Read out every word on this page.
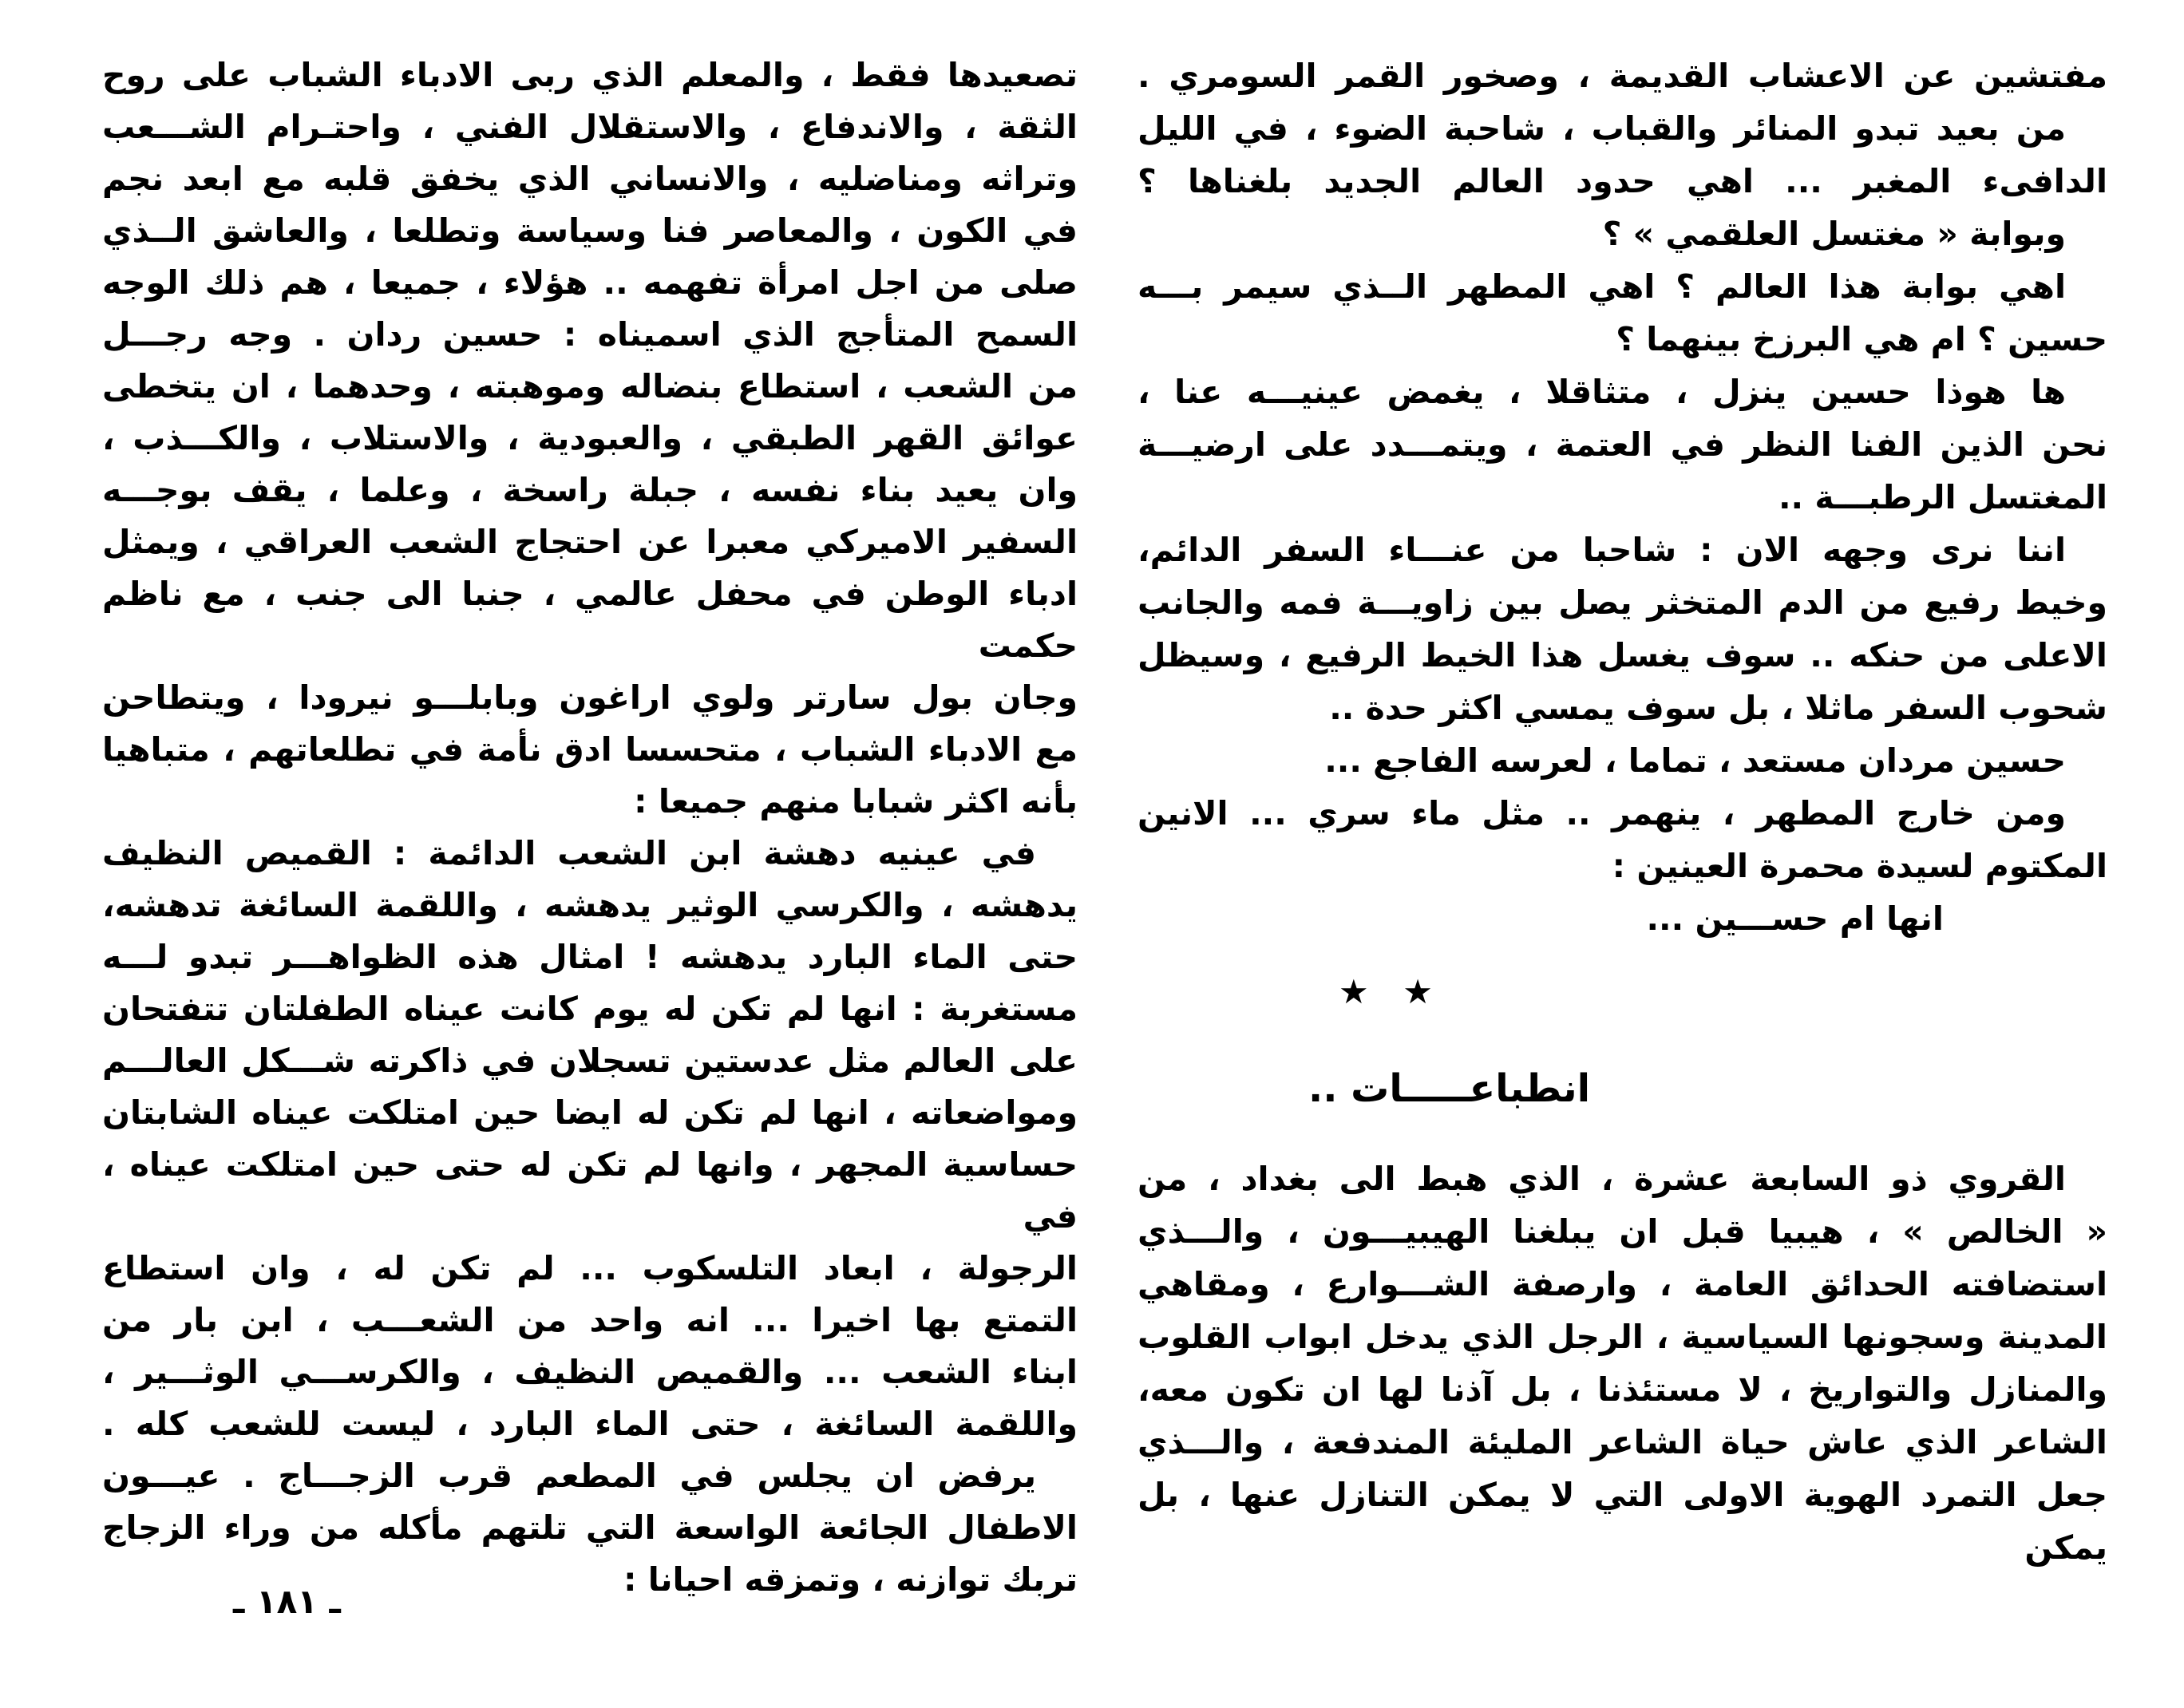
مفتشين عن الاعشاب القديمة ، وصخور القمر السومري .
من بعيد تبدو المنائر والقباب ، شاحبة الضوء ، في الليل
الدافىء المغبر ... اهي حدود العالم الجديد بلغناها ؟
وبوابة « مغتسل العلقمي » ؟
اهي بوابة هذا العالم ؟ اهي المطهر الــذي سيمر بـــه
حسين ؟ ام هي البرزخ بينهما ؟
ها هوذا حسين ينزل ، متثاقلا ، يغمض عينيـــه عنا ،
نحن الذين الفنا النظر في العتمة ، ويتمـــدد على ارضيـــة
المغتسل الرطبـــة ..
اننا نرى وجهه الان : شاحبا من عنـــاء السفر الدائم،
وخيط رفيع من الدم المتخثر يصل بين زاويـــة فمه والجانب
الاعلى من حنكه .. سوف يغسل هذا الخيط الرفيع ، وسيظل
شحوب السفر ماثلا ، بل سوف يمسي اكثر حدة ..
حسين مردان مستعد ، تماما ، لعرسه الفاجع ...
ومن خارج المطهر ، ينهمر .. مثل ماء سري ... الانين
المكتوم لسيدة محمرة العينين :
انها ام حســـين ...
★ ★
انطباعـــــات ..
القروي ذو السابعة عشرة ، الذي هبط الى بغداد ، من
« الخالص » ، هيبيا قبل ان يبلغنا الهيبيـــون ، والـــذي
استضافته الحدائق العامة ، وارصفة الشـــوارع ، ومقاهي
المدينة وسجونها السياسية ، الرجل الذي يدخل ابواب القلوب
والمنازل والتواريخ ، لا مستئذنا ، بل آذنا لها ان تكون معه،
الشاعر الذي عاش حياة الشاعر المليئة المندفعة ، والـــذي
جعل التمرد الهوية الاولى التي لا يمكن التنازل عنها ، بل يمكن
تصعيدها فقط ، والمعلم الذي ربى الادباء الشباب على روح
الثقة ، والاندفاع ، والاستقلال الفني ، واحتـرام الشـــعب
وتراثه ومناضليه ، والانساني الذي يخفق قلبه مع ابعد نجم
في الكون ، والمعاصر فنا وسياسة وتطلعا ، والعاشق الــذي
صلى من اجل امرأة تفهمه .. هؤلاء ، جميعا ، هم ذلك الوجه
السمح المتأجج الذي اسميناه : حسين ردان . وجه رجـــل
من الشعب ، استطاع بنضاله وموهبته ، وحدهما ، ان يتخطى
عوائق القهر الطبقي ، والعبودية ، والاستلاب ، والكـــذب ،
وان يعيد بناء نفسه ، جبلة راسخة ، وعلما ، يقف بوجـــه
السفير الاميركي معبرا عن احتجاج الشعب العراقي ، ويمثل
ادباء الوطن في محفل عالمي ، جنبا الى جنب ، مع ناظم حكمت
وجان بول سارتر ولوي اراغون وبابلـــو نيرودا ، ويتطاحن
مع الادباء الشباب ، متحسسا ادق نأمة في تطلعاتهم ، متباهيا
بأنه اكثر شبابا منهم جميعا :
في عينيه دهشة ابن الشعب الدائمة : القميص النظيف
يدهشه ، والكرسي الوثير يدهشه ، واللقمة السائغة تدهشه،
حتى الماء البارد يدهشه ! امثال هذه الظواهـــر تبدو لـــه
مستغربة : انها لم تكن له يوم كانت عيناه الطفلتان تتفتحان
على العالم مثل عدستين تسجلان في ذاكرته شـــكل العالـــم
ومواضعاته ، انها لم تكن له ايضا حين امتلكت عيناه الشابتان
حساسية المجهر ، وانها لم تكن له حتى حين امتلكت عيناه ، في
الرجولة ، ابعاد التلسكوب ... لم تكن له ، وان استطاع
التمتع بها اخيرا ... انه واحد من الشعـــب ، ابن بار من
ابناء الشعب ... والقميص النظيف ، والكرســـي الوثـــير ،
واللقمة السائغة ، حتى الماء البارد ، ليست للشعب كله .
يرفض ان يجلس في المطعم قرب الزجـــاج . عيـــون
الاطفال الجائعة الواسعة التي تلتهم مأكله من وراء الزجاج
تربك توازنه ، وتمزقه احيانا :
ـ ١٨١ ـ
